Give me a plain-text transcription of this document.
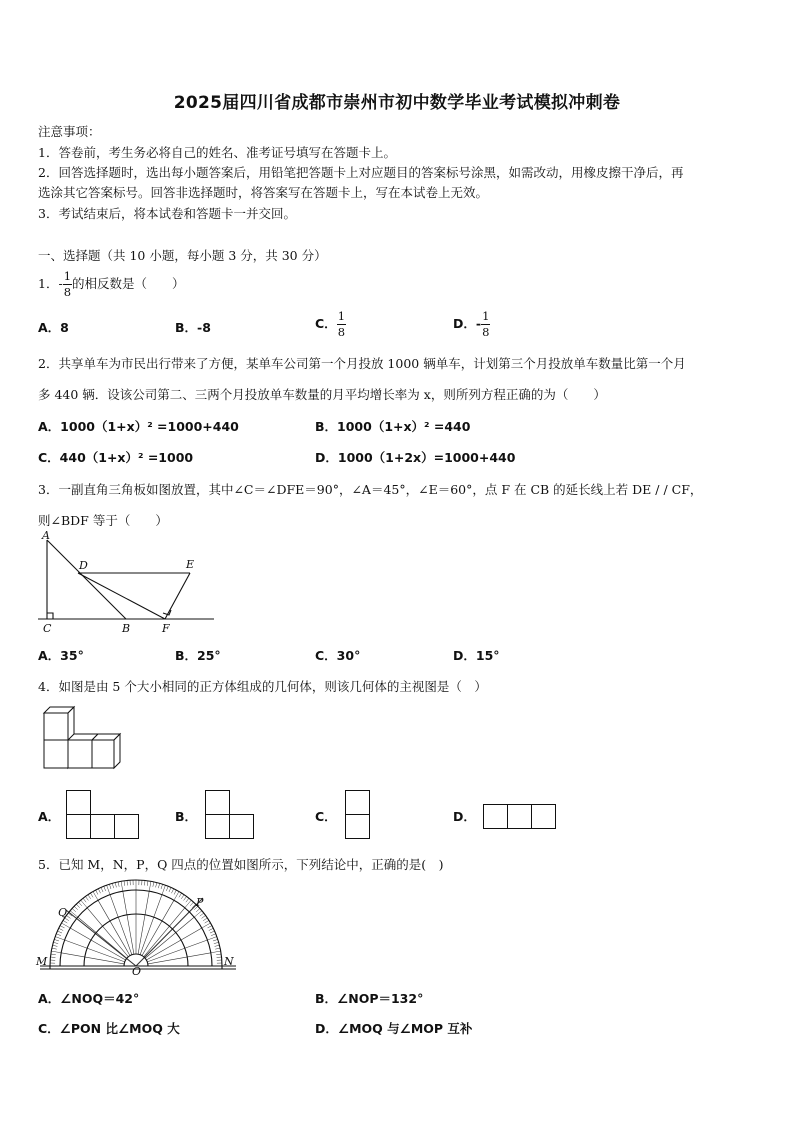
2025届四川省成都市崇州市初中数学毕业考试模拟冲刺卷
注意事项：
1．答卷前，考生务必将自己的姓名、准考证号填写在答题卡上。
2．回答选择题时，选出每小题答案后，用铅笔把答题卡上对应题目的答案标号涂黑，如需改动，用橡皮擦干净后，再
选涂其它答案标号。回答非选择题时，将答案写在答题卡上，写在本试卷上无效。
3．考试结束后，将本试卷和答题卡一并交回。
一、选择题（共 10 小题，每小题 3 分，共 30 分）
1．- $\frac{1}{8}$ 的相反数是（　　）
A．8	B．-8	C． $\frac{1}{8}$	D．- $\frac{1}{8}$
2．共享单车为市民出行带来了方便，某单车公司第一个月投放 1000 辆单车，计划第三个月投放单车数量比第一个月
多 440 辆．设该公司第二、三两个月投放单车数量的月平均增长率为 x，则所列方程正确的为（　　）
A．1000（1+x）² =1000+440	B．1000（1+x）² =440
C．440（1+x）² =1000	D．1000（1+2x）=1000+440
3．一副直角三角板如图放置，其中∠C＝∠DFE＝90°，∠A＝45°，∠E＝60°，点 F 在 CB 的延长线上若 DE / / CF，
则∠BDF 等于（　　）
A
D	E
C	B	F
A．35°	B．25°	C．30°	D．15°
4．如图是由 5 个大小相同的正方体组成的几何体，则该几何体的主视图是（　）
A．	B．	C．	D．
5．已知 M，N，P，Q 四点的位置如图所示，下列结论中，正确的是(　)
M	N
O
P
Q
A．∠NOQ＝42°	B．∠NOP＝132°
C．∠PON 比∠MOQ 大	D．∠MOQ 与∠MOP 互补
